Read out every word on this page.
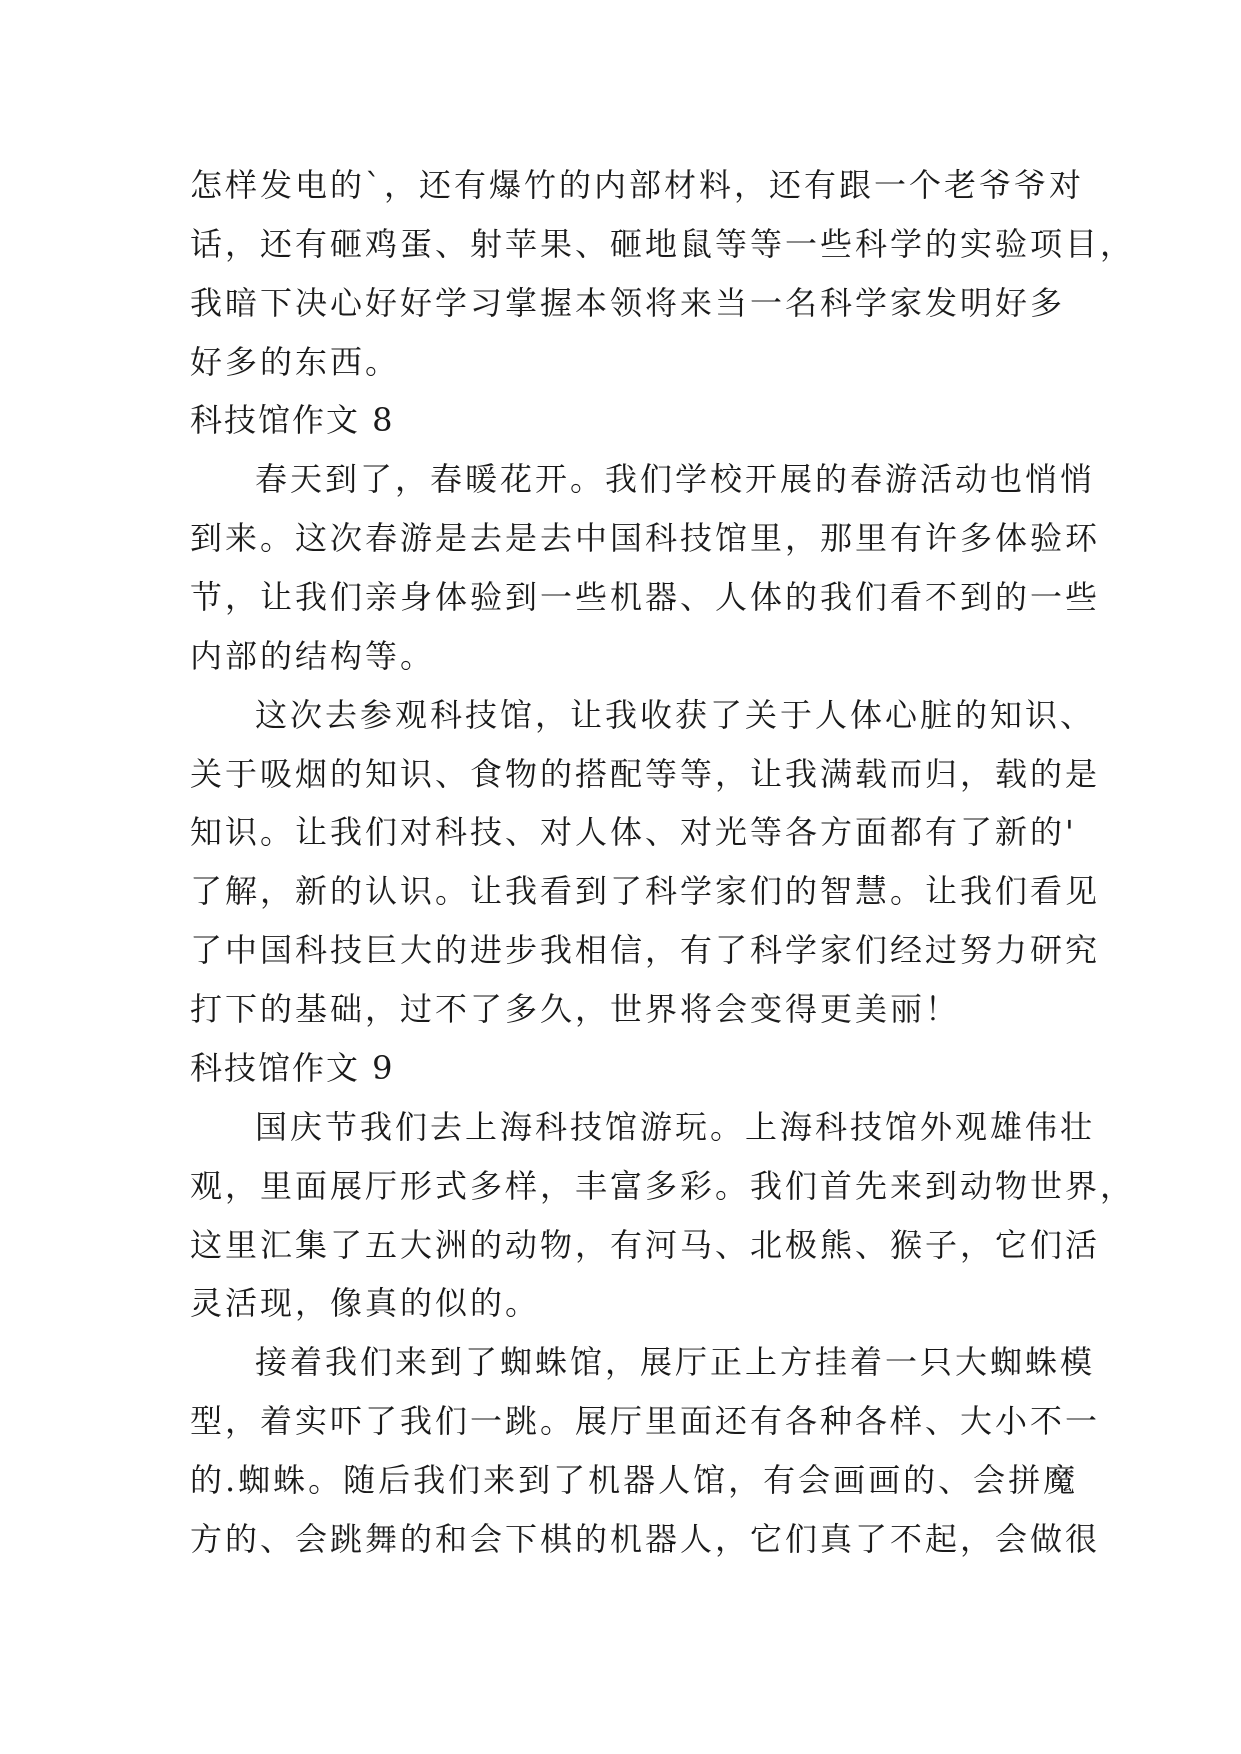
怎样发电的`，还有爆竹的内部材料，还有跟一个老爷爷对
话，还有砸鸡蛋、射苹果、砸地鼠等等一些科学的实验项目，
我暗下决心好好学习掌握本领将来当一名科学家发明好多
好多的东西。
科技馆作文 8
春天到了，春暖花开。我们学校开展的春游活动也悄悄
到来。这次春游是去是去中国科技馆里，那里有许多体验环
节，让我们亲身体验到一些机器、人体的我们看不到的一些
内部的结构等。
这次去参观科技馆，让我收获了关于人体心脏的知识、
关于吸烟的知识、食物的搭配等等，让我满载而归，载的是
知识。让我们对科技、对人体、对光等各方面都有了新的'
了解，新的认识。让我看到了科学家们的智慧。让我们看见
了中国科技巨大的进步我相信，有了科学家们经过努力研究
打下的基础，过不了多久，世界将会变得更美丽！
科技馆作文 9
国庆节我们去上海科技馆游玩。上海科技馆外观雄伟壮
观，里面展厅形式多样，丰富多彩。我们首先来到动物世界，
这里汇集了五大洲的动物，有河马、北极熊、猴子，它们活
灵活现，像真的似的。
接着我们来到了蜘蛛馆，展厅正上方挂着一只大蜘蛛模
型，着实吓了我们一跳。展厅里面还有各种各样、大小不一
的.蜘蛛。随后我们来到了机器人馆，有会画画的、会拼魔
方的、会跳舞的和会下棋的机器人，它们真了不起，会做很
